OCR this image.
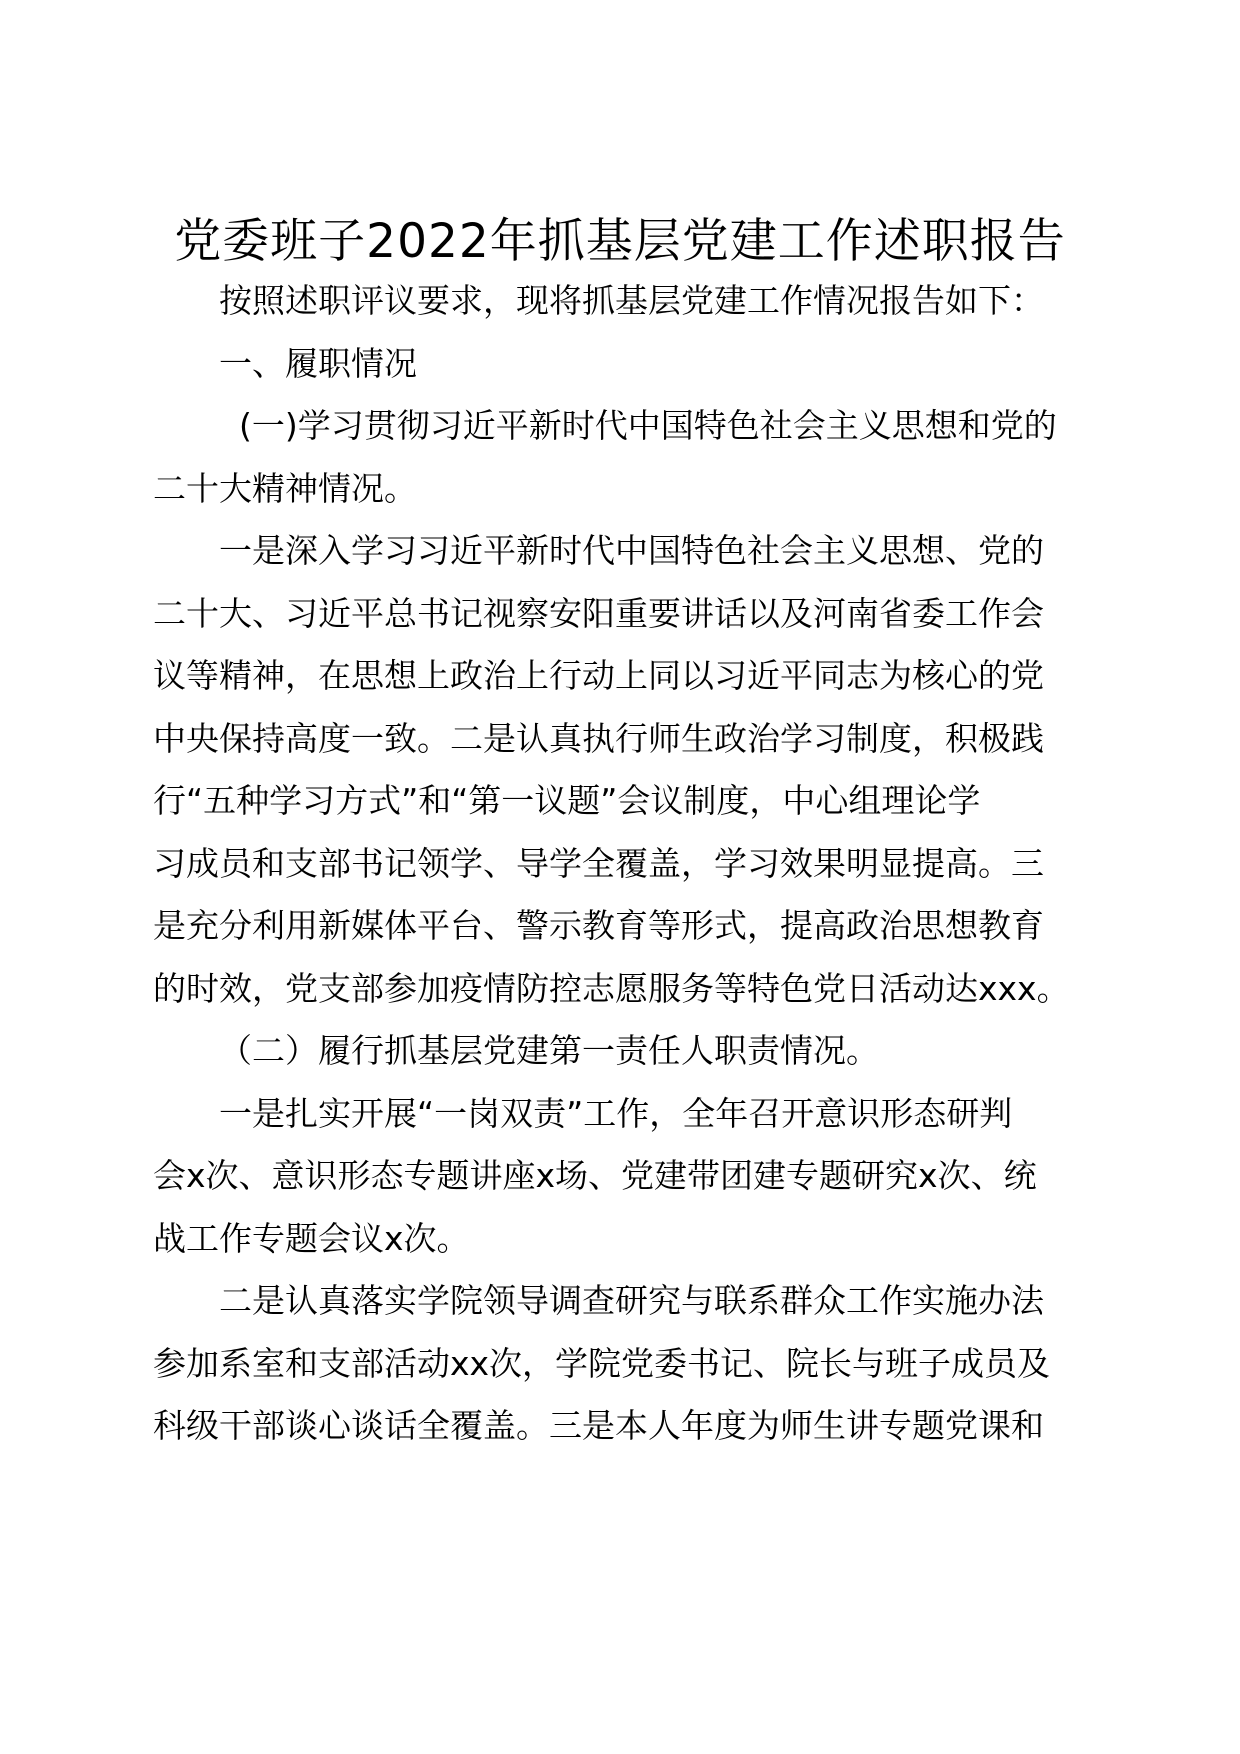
党委班子2022年抓基层党建工作述职报告
按照述职评议要求，现将抓基层党建工作情况报告如下：
一、履职情况
(一)学习贯彻习近平新时代中国特色社会主义思想和党的
二十大精神情况。
一是深入学习习近平新时代中国特色社会主义思想、党的
二十大、习近平总书记视察安阳重要讲话以及河南省委工作会
议等精神，在思想上政治上行动上同以习近平同志为核心的党
中央保持高度一致。二是认真执行师生政治学习制度，积极践
行“五种学习方式”和“第一议题”会议制度，中心组理论学
习成员和支部书记领学、导学全覆盖，学习效果明显提高。三
是充分利用新媒体平台、警示教育等形式，提高政治思想教育
的时效，党支部参加疫情防控志愿服务等特色党日活动达xxx。
（二）履行抓基层党建第一责任人职责情况。
一是扎实开展“一岗双责”工作，全年召开意识形态研判
会x次、意识形态专题讲座x场、党建带团建专题研究x次、统
战工作专题会议x次。
二是认真落实学院领导调查研究与联系群众工作实施办法
参加系室和支部活动xx次，学院党委书记、院长与班子成员及
科级干部谈心谈话全覆盖。三是本人年度为师生讲专题党课和
